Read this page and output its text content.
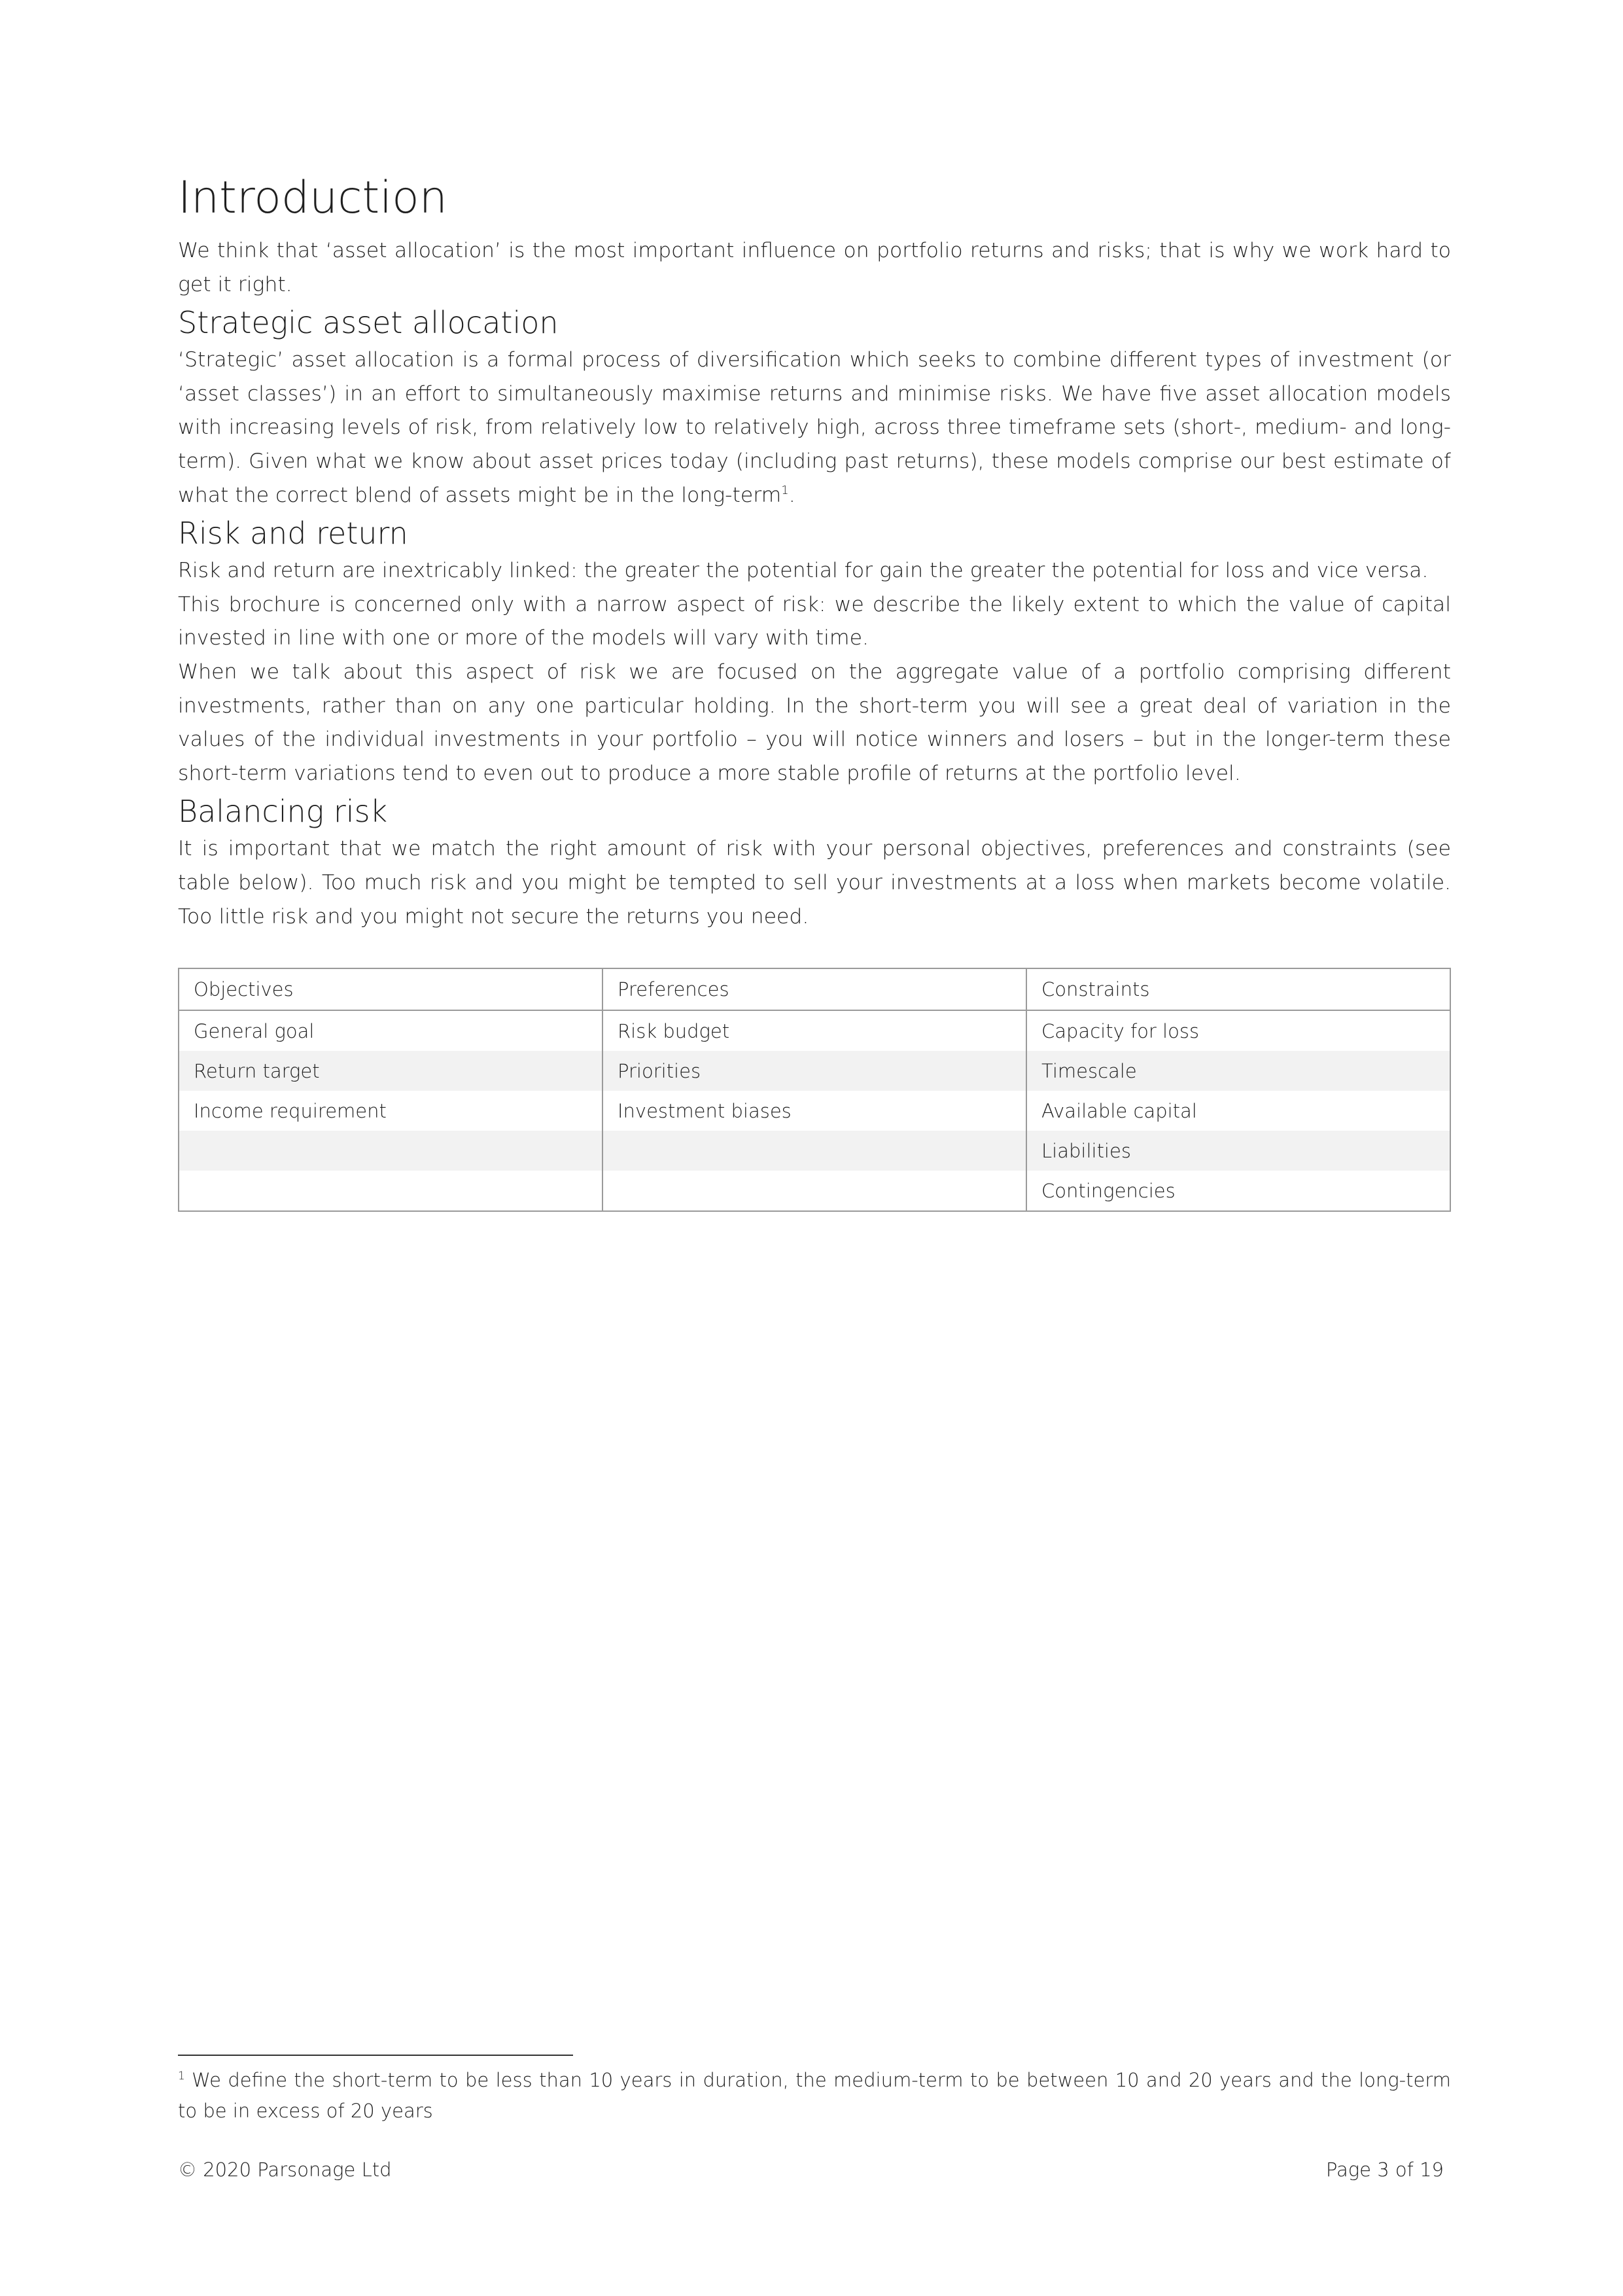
Introduction

We think that ‘asset allocation’ is the most important influence on portfolio returns and risks; that is why we work hard to get it right.

Strategic asset allocation

‘Strategic’ asset allocation is a formal process of diversification which seeks to combine different types of investment (or ‘asset classes’) in an effort to simultaneously maximise returns and minimise risks. We have five asset allocation models with increasing levels of risk, from relatively low to relatively high, across three timeframe sets (short-, medium- and long-term). Given what we know about asset prices today (including past returns), these models comprise our best estimate of what the correct blend of assets might be in the long-term$^1$.

Risk and return

Risk and return are inextricably linked: the greater the potential for gain the greater the potential for loss and vice versa.

This brochure is concerned only with a narrow aspect of risk: we describe the likely extent to which the value of capital invested in line with one or more of the models will vary with time.

When we talk about this aspect of risk we are focused on the aggregate value of a portfolio comprising different investments, rather than on any one particular holding. In the short-term you will see a great deal of variation in the values of the individual investments in your portfolio – you will notice winners and losers – but in the longer-term these short-term variations tend to even out to produce a more stable profile of returns at the portfolio level.

Balancing risk

It is important that we match the right amount of risk with your personal objectives, preferences and constraints (see table below). Too much risk and you might be tempted to sell your investments at a loss when markets become volatile. Too little risk and you might not secure the returns you need.

Objectives	Preferences	Constraints
General goal	Risk budget	Capacity for loss
Return target	Priorities	Timescale
Income requirement	Investment biases	Available capital
		Liabilities
		Contingencies
$^1$ We define the short-term to be less than 10 years in duration, the medium-term to be between 10 and 20 years and the long-term to be in excess of 20 years
© 2020 Parsonage Ltd	Page 3 of 19
